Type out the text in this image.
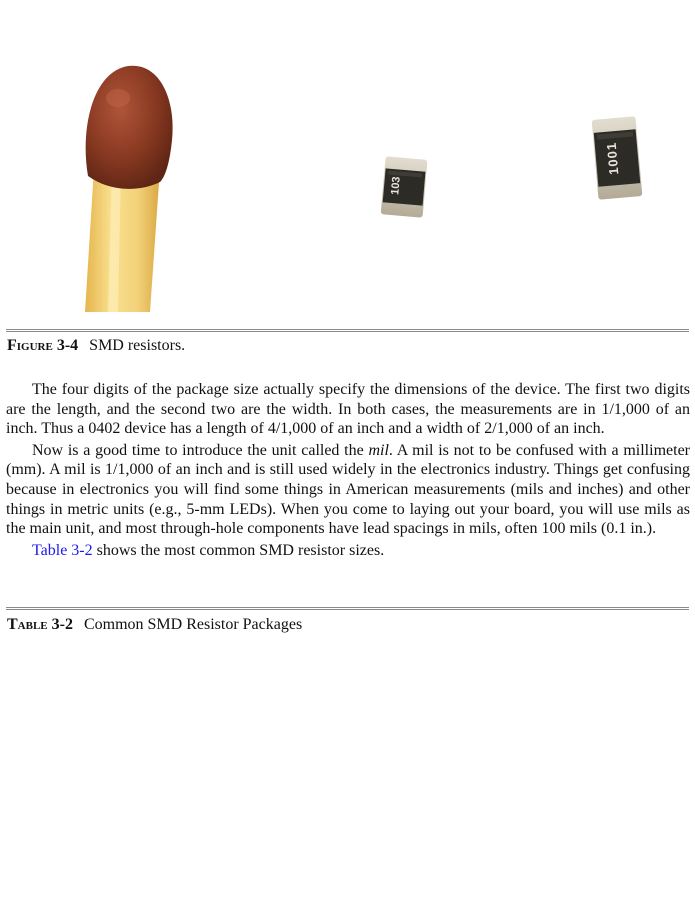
103
1001
Figure 3-4 SMD resistors.

The four digits of the package size actually specify the dimensions of the device. The first two digits are the length, and the second two are the width. In both cases, the measurements are in 1/1,000 of an inch. Thus a 0402 device has a length of 4/1,000 of an inch and a width of 2/1,000 of an inch.

Now is a good time to introduce the unit called the mil. A mil is not to be confused with a millimeter (mm). A mil is 1/1,000 of an inch and is still used widely in the electronics industry. Things get confusing because in electronics you will find some things in American measurements (mils and inches) and other things in metric units (e.g., 5-mm LEDs). When you come to laying out your board, you will use mils as the main unit, and most through-hole components have lead spacings in mils, often 100 mils (0.1 in.).

Table 3-2 shows the most common SMD resistor sizes.

Table 3-2 Common SMD Resistor Packages
